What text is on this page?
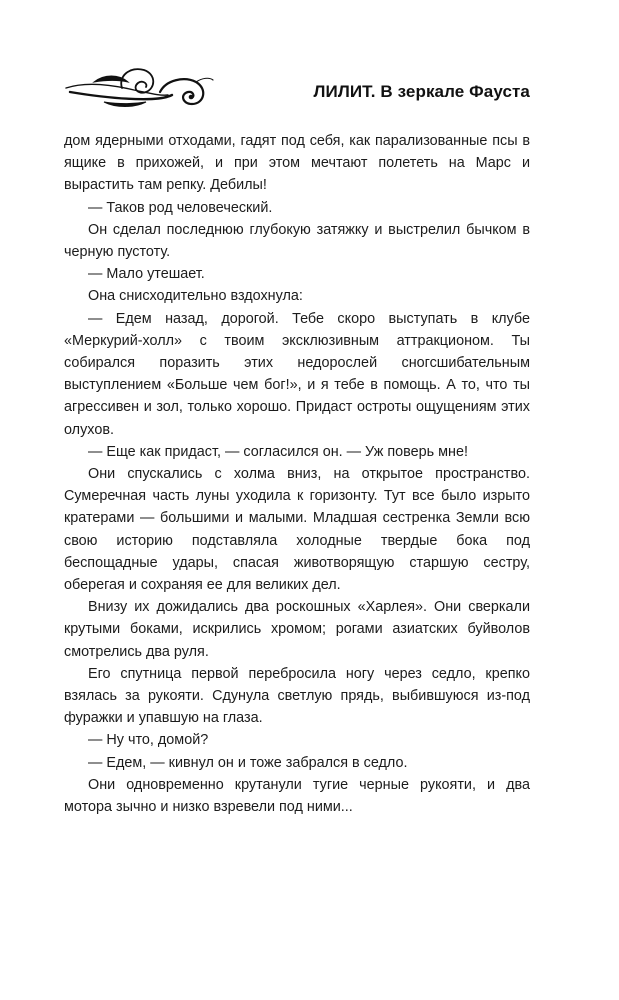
ЛИЛИТ. В зеркале Фауста

дом ядерными отходами, гадят под себя, как парализованные псы в ящике в прихожей, и при этом мечтают полететь на Марс и вырастить там репку. Дебилы!

— Таков род человеческий.

Он сделал последнюю глубокую затяжку и выстрелил бычком в черную пустоту.

— Мало утешает.

Она снисходительно вздохнула:

— Едем назад, дорогой. Тебе скоро выступать в клубе «Меркурий-холл» с твоим эксклюзивным аттракционом. Ты собирался поразить этих недорослей сногсшибательным выступлением «Больше чем бог!», и я тебе в помощь. А то, что ты агрессивен и зол, только хорошо. Придаст остроты ощущениям этих олухов.

— Еще как придаст, — согласился он. — Уж поверь мне!

Они спускались с холма вниз, на открытое пространство. Сумеречная часть луны уходила к горизонту. Тут все было изрыто кратерами — большими и малыми. Младшая сестренка Земли всю свою историю подставляла холодные твердые бока под беспощадные удары, спасая животворящую старшую сестру, оберегая и сохраняя ее для великих дел.

Внизу их дожидались два роскошных «Харлея». Они сверкали крутыми боками, искрились хромом; рогами азиатских буйволов смотрелись два руля.

Его спутница первой перебросила ногу через седло, крепко взялась за рукояти. Сдунула светлую прядь, выбившуюся из-под фуражки и упавшую на глаза.

— Ну что, домой?

— Едем, — кивнул он и тоже забрался в седло.

Они одновременно крутанули тугие черные рукояти, и два мотора зычно и низко взревели под ними...
